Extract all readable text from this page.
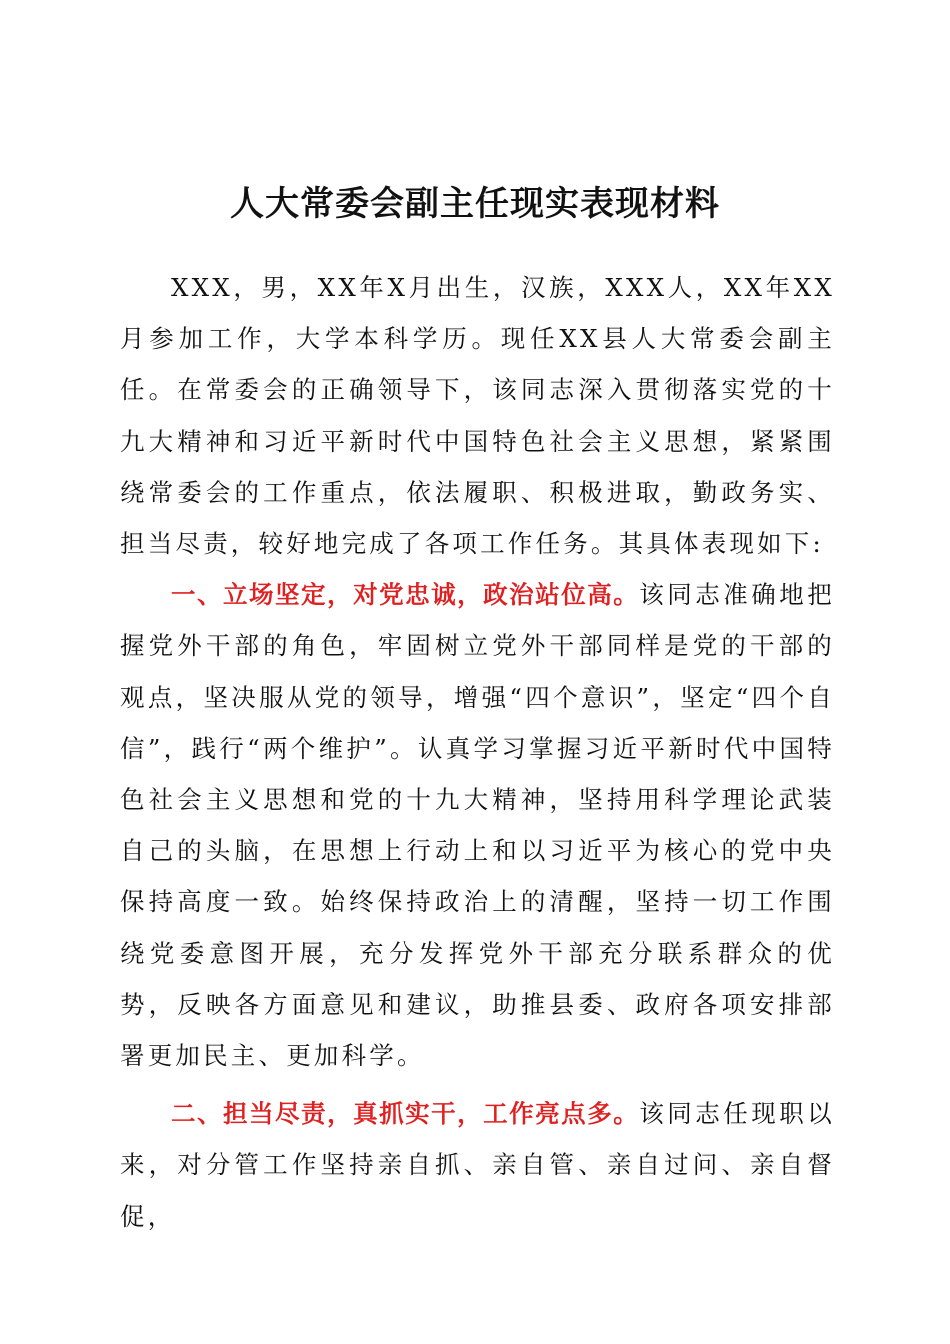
人大常委会副主任现实表现材料

XXX，男，XX年X月出生，汉族，XXX人，XX年XX月参加工作，大学本科学历。现任XX县人大常委会副主任。在常委会的正确领导下，该同志深入贯彻落实党的十九大精神和习近平新时代中国特色社会主义思想，紧紧围绕常委会的工作重点，依法履职、积极进取，勤政务实、担当尽责，较好地完成了各项工作任务。其具体表现如下:

一、立场坚定，对党忠诚，政治站位高。该同志准确地把握党外干部的角色，牢固树立党外干部同样是党的干部的观点，坚决服从党的领导，增强“四个意识”，坚定“四个自信”，践行“两个维护”。认真学习掌握习近平新时代中国特色社会主义思想和党的十九大精神，坚持用科学理论武装自己的头脑，在思想上行动上和以习近平为核心的党中央保持高度一致。始终保持政治上的清醒，坚持一切工作围绕党委意图开展，充分发挥党外干部充分联系群众的优势，反映各方面意见和建议，助推县委、政府各项安排部署更加民主、更加科学。

二、担当尽责，真抓实干，工作亮点多。该同志任现职以来，对分管工作坚持亲自抓、亲自管、亲自过问、亲自督促，
